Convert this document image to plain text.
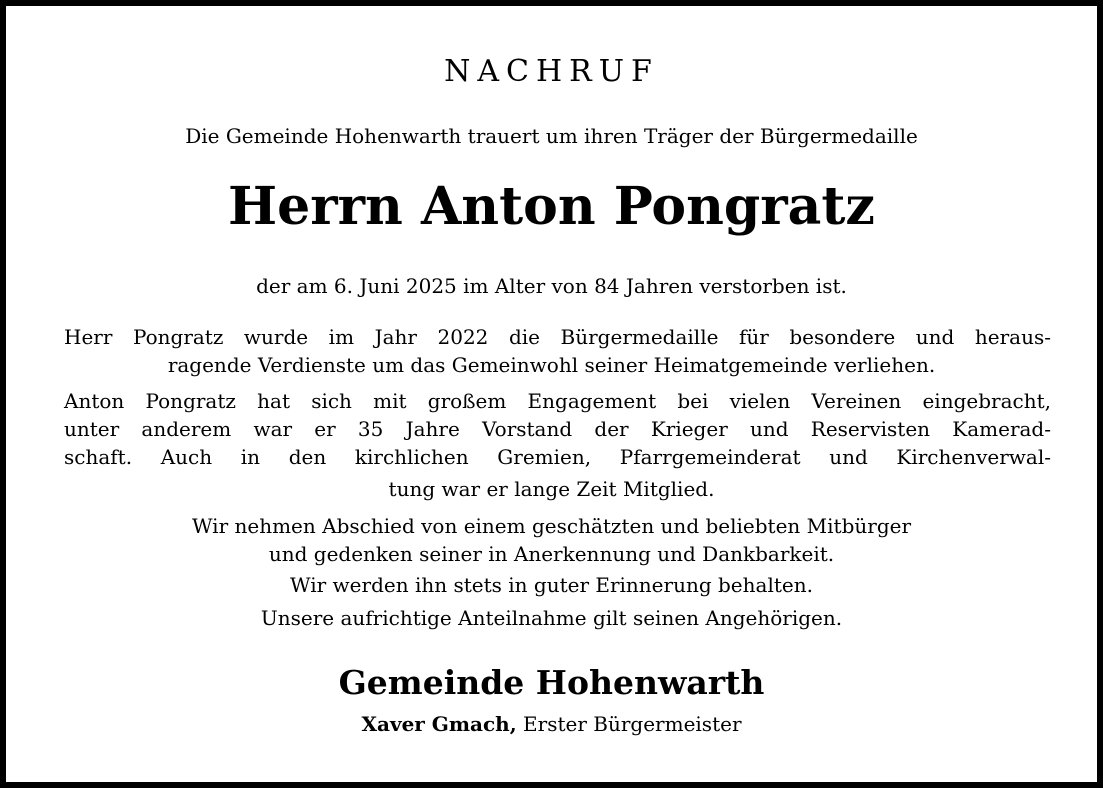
NACHRUF
Die Gemeinde Hohenwarth trauert um ihren Träger der Bürgermedaille
Herrn Anton Pongratz
der am 6. Juni 2025 im Alter von 84 Jahren verstorben ist.
Herr Pongratz wurde im Jahr 2022 die Bürgermedaille für besondere und heraus-
ragende Verdienste um das Gemeinwohl seiner Heimatgemeinde verliehen.
Anton Pongratz hat sich mit großem Engagement bei vielen Vereinen eingebracht,
unter anderem war er 35 Jahre Vorstand der Krieger und Reservisten Kamerad-
schaft. Auch in den kirchlichen Gremien, Pfarrgemeinderat und Kirchenverwal-
tung war er lange Zeit Mitglied.
Wir nehmen Abschied von einem geschätzten und beliebten Mitbürger
und gedenken seiner in Anerkennung und Dankbarkeit.
Wir werden ihn stets in guter Erinnerung behalten.
Unsere aufrichtige Anteilnahme gilt seinen Angehörigen.
Gemeinde Hohenwarth
Xaver Gmach, Erster Bürgermeister
